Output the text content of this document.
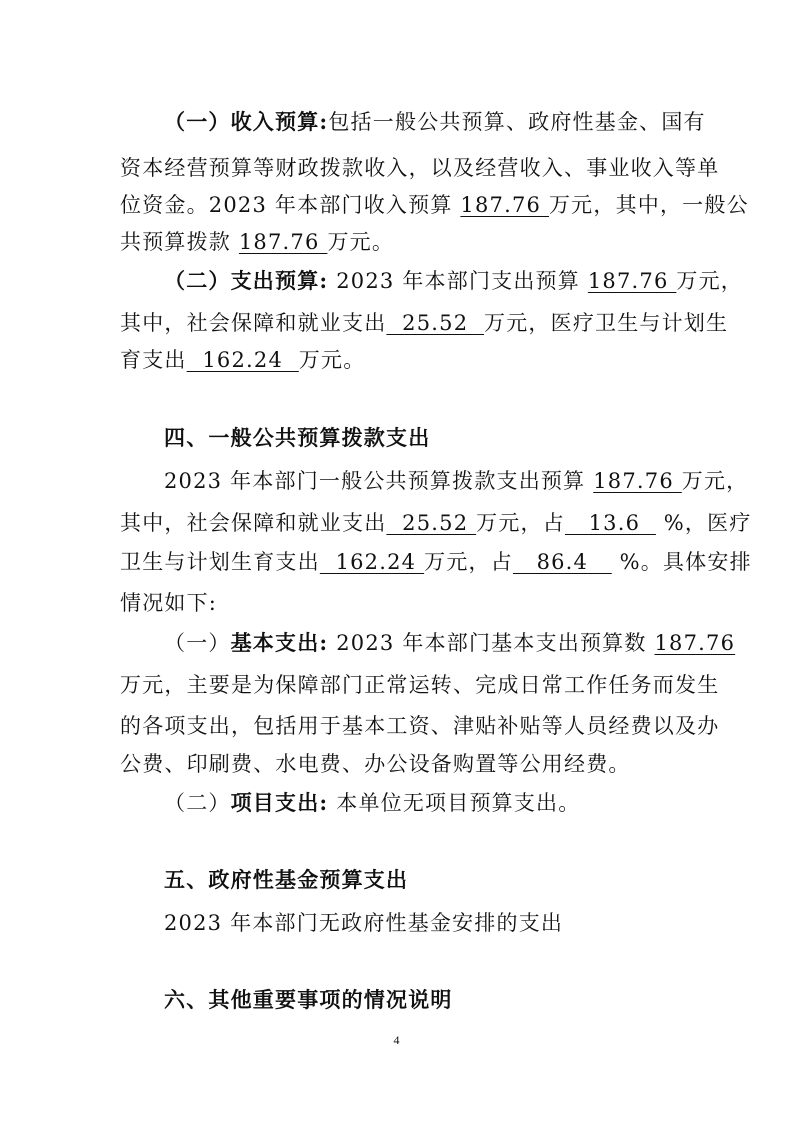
（一）收入预算:包括一般公共预算、政府性基金、国有
资本经营预算等财政拨款收入，以及经营收入、事业收入等单
位资金。2023 年本部门收入预算 187.76 万元，其中，一般公
共预算拨款 187.76 万元。
（二）支出预算: 2023 年本部门支出预算 187.76 万元，
其中，社会保障和就业支出  25.52  万元，医疗卫生与计划生
育支出  162.24  万元。
四、一般公共预算拨款支出
2023 年本部门一般公共预算拨款支出预算 187.76 万元，
其中，社会保障和就业支出  25.52 万元，占   13.6   %，医疗
卫生与计划生育支出  162.24 万元，占   86.4    %。具体安排
情况如下:
（一）基本支出: 2023 年本部门基本支出预算数 187.76
万元，主要是为保障部门正常运转、完成日常工作任务而发生
的各项支出，包括用于基本工资、津贴补贴等人员经费以及办
公费、印刷费、水电费、办公设备购置等公用经费。
（二）项目支出: 本单位无项目预算支出。
五、政府性基金预算支出
2023 年本部门无政府性基金安排的支出
六、其他重要事项的情况说明
4
